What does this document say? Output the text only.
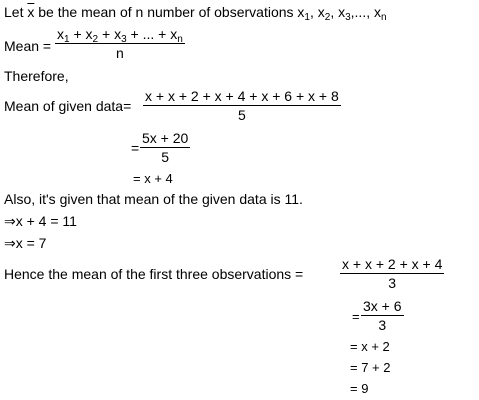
Let $\overline{x}$ be the mean of n number of observations $x_1$, $x_2$, $x_3$,..., $x_n$
Mean =
$x_1 + x_2 + x_3$ + ... + $x_n$
n
Therefore,
Mean of given data=
x + x + 2 + x + 4 + x + 6 + x + 8
5
=
5x + 20
5
= x + 4
Also, it's given that mean of the given data is 11.
⇒x + 4 = 11
⇒x = 7
Hence the mean of the first three observations =
x + x + 2 + x + 4
3
=
3x + 6
3
= x + 2
= 7 + 2
= 9
